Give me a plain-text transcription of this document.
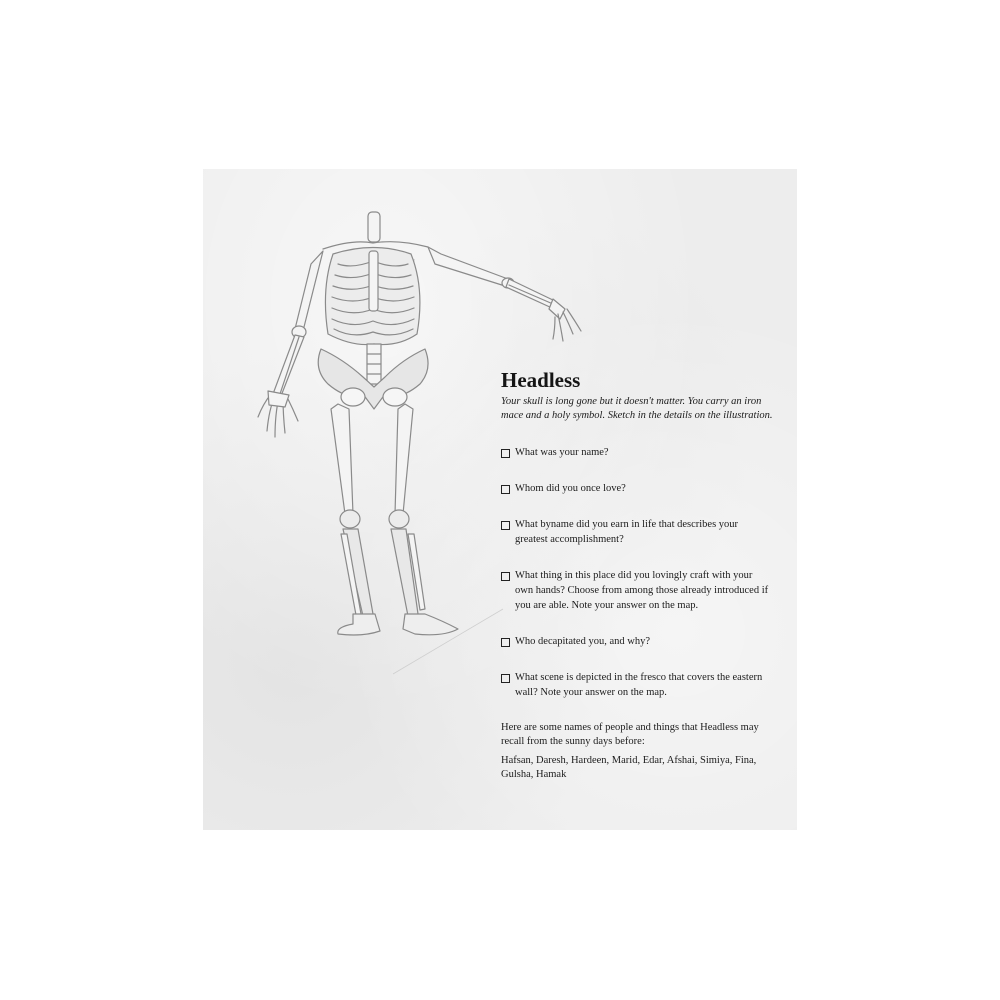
Headless

Your skull is long gone but it doesn't matter. You carry an iron mace and a holy symbol. Sketch in the details on the illustration.

What was your name?
Whom did you once love?
What byname did you earn in life that describes your greatest accomplishment?
What thing in this place did you lovingly craft with your own hands? Choose from among those already introduced if you are able. Note your answer on the map.
Who decapitated you, and why?
What scene is depicted in the fresco that covers the eastern wall? Note your answer on the map.

Here are some names of people and things that Headless may recall from the sunny days before:

Hafsan, Daresh, Hardeen, Marid, Edar, Afshai, Simiya, Fina, Gulsha, Hamak
